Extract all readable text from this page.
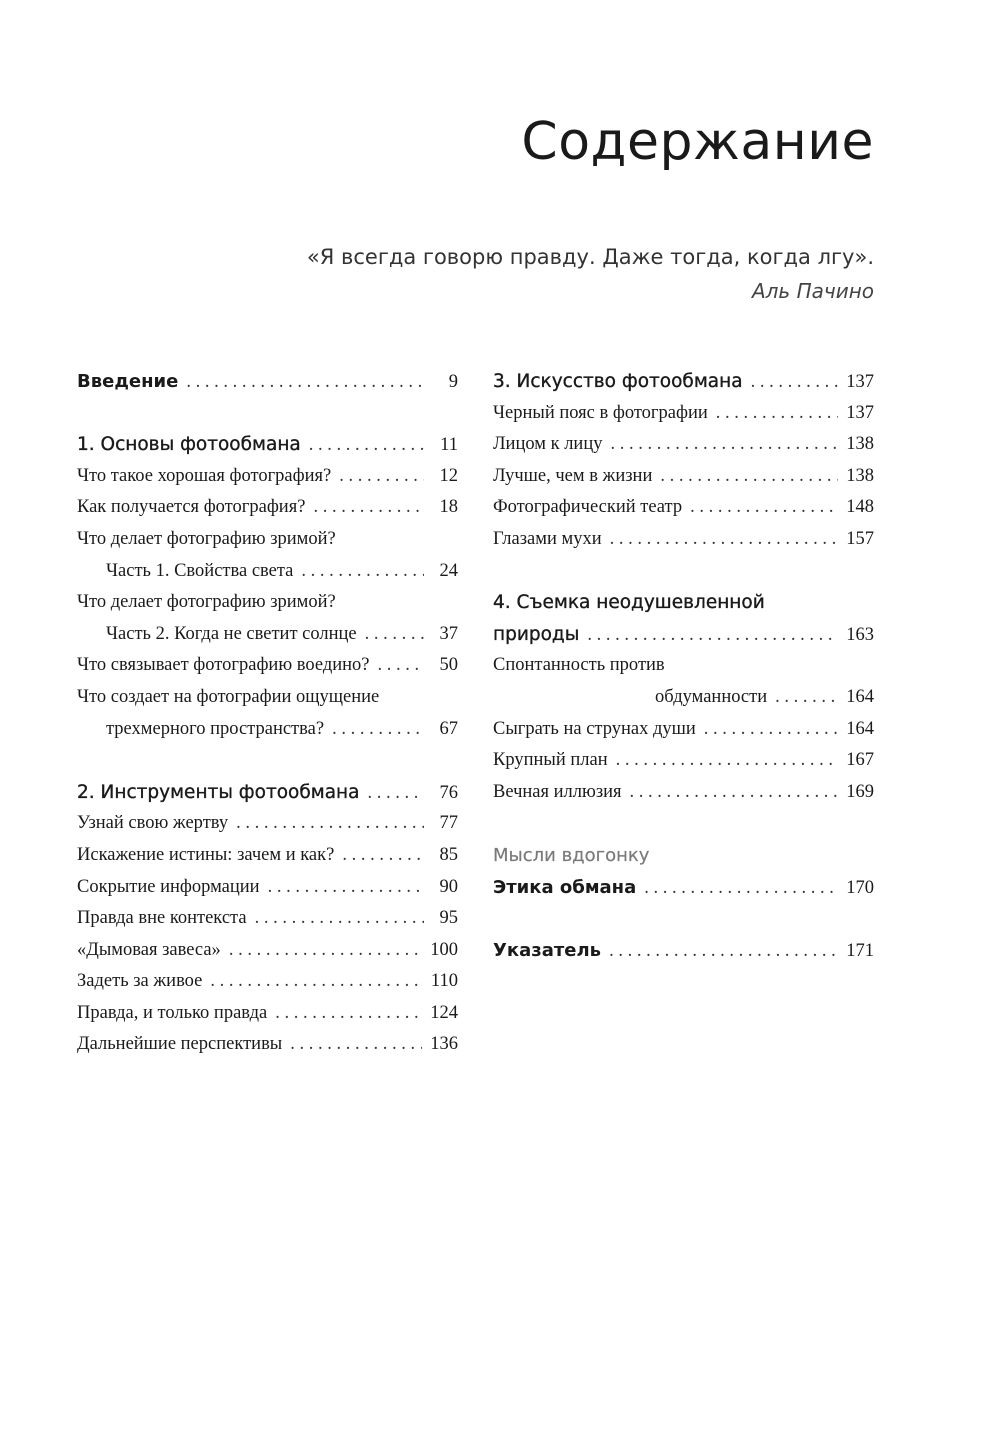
Содержание
«Я всегда говорю правду. Даже тогда, когда лгу».
Аль Пачино
Введение . . .	9
1. Основы фотообмана . . .	11
Что такое хорошая фотография? . . .	12
Как получается фотография? . . .	18
Что делает фотографию зримой?
Часть 1. Свойства света . . .	24
Что делает фотографию зримой?
Часть 2. Когда не светит солнце . . .	37
Что связывает фотографию воедино? . . .	50
Что создает на фотографии ощущение
трехмерного пространства? . . .	67
2. Инструменты фотообмана . . .	76
Узнай свою жертву . . .	77
Искажение истины: зачем и как? . . .	85
Сокрытие информации . . .	90
Правда вне контекста . . .	95
«Дымовая завеса» . . .	100
Задеть за живое . . .	110
Правда, и только правда . . .	124
Дальнейшие перспективы . . .	136
3. Искусство фотообмана . . .	137
Черный пояс в фотографии . . .	137
Лицом к лицу . . .	138
Лучше, чем в жизни . . .	138
Фотографический театр . . .	148
Глазами мухи . . .	157
4. Съемка неодушевленной
природы . . .	163
Спонтанность против
обдуманности . . .	164
Сыграть на струнах души . . .	164
Крупный план . . .	167
Вечная иллюзия . . .	169
Мысли вдогонку
Этика обмана . . .	170
Указатель . . .	171
